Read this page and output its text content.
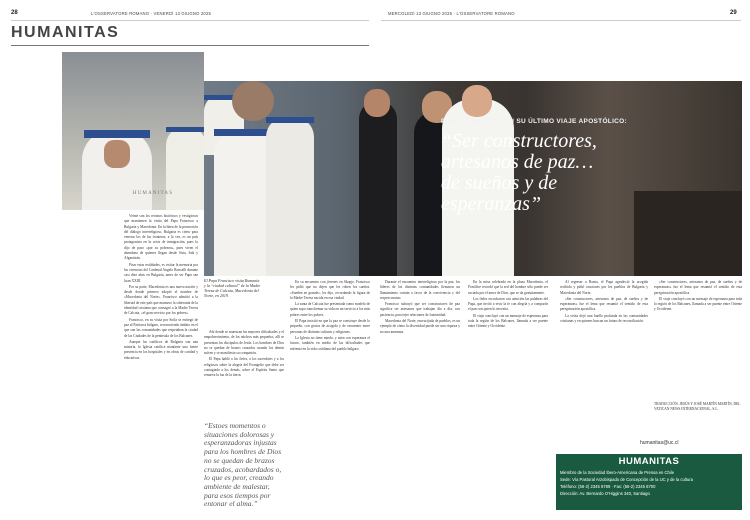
28	L'OSSERVATORE ROMANO · VENERDÌ 13 GIUGNO 2025	MERCOLEDÌ 13 GIUGNO 2025 · L'OSSERVATORE ROMANO	29
HUMANITAS
HUMANITAS
PAPA FRANCESCO IN SU ÚLTIMO VIAJE APOSTÓLICO:
“Ser constructores,
artesanos de paz…
de sueños y de
esperanzas”
El Papa Francisco visita Rumanía y la “ciudad cultural” de la Madre Teresa de Calcuta, Macedonia del Norte, en 2019.
“Estoes momentos o situaciones dolorosas y esperanzadoras injustas para los hombres de Dios no se quedan de brazos cruzados, acobardados o, lo que es peor, creando ambiente de malestar, para esos tiempos por entonar el alma.”

Veinte son los recintos históricos y vestigiosos que mantienen la visita del Papa Francisco a Bulgaria y Macedonia. En la línea de la promoción del diálogo interreligioso, Bulgaria es cierto para venerar los de las fronteras, a la vez, es un país protagonista en la crisis de inmigración, pues lo dijo de paso «por su pobreza», pues viven el abandono de quienes llegan desde Siria, Irak y Afganistán.

Pisar estas realidades, es visitar la memoria por las vivencias del Cardenal Angelo Roncalli durante casi diez años en Bulgaria, antes de ser Papa san Juan XXIII.

Por su parte, Macedonia es una nueva nación y desde donde primero adoptó el nombre de «Macedonia del Norte». Francisco admitió a la libertad de este país que mantuvo la soberanía de la identidad cristiana que consagró a la Madre Teresa de Calcuta, «el gran servicio por los pobres».

Francisco, en su visita por Sofía se entregó de paz al Patriarca búlgaro, reconociendo ámbito en el que son las comunidades que respetaban la ciudad de las Ciudades de la península de los Balcanes.

Aunque los católicos de Bulgaria son una minoría, la Iglesia católica mantiene una fuerte presencia en los hospitales y en obras de caridad y educativas.

Ahí donde se muestran las mayores dificultades y el empobrecimiento, de los núcleos más pequeños, allí se presentan los discípulos de Jesús. Los hombres de Dios no se quedan de brazos cruzados cuando los demás sufren y se manifiesta su compasión.

El Papa habló a los fieles, a los sacerdotes y a los religiosos sobre la alegría del Evangelio que debe ser contagiada a los demás, sobre el Espíritu Santo que renueva la faz de la tierra.

En su encuentro con jóvenes en Skopje, Francisco les pidió que no dejen que les roben los sueños. «Sueñen en grande», les dijo, recordando la figura de la Madre Teresa nacida en esa ciudad.

La santa de Calcuta fue presentada como modelo de quien supo transformar su vida en un servicio a los más pobres entre los pobres.

El Papa insistió en que la paz se construye desde lo pequeño, con gestos de acogida y de encuentro entre personas de distintas culturas y religiones.

La Iglesia no tiene miedo, y mira con esperanza el futuro, también en medio de las dificultades que enfrenta en la vida cotidiana del pueblo búlgaro.

Durante el encuentro interreligioso por la paz, los líderes de las distintas comunidades firmaron un llamamiento común a favor de la convivencia y del respeto mutuo.

Francisco subrayó que ser constructores de paz significa ser artesanos que trabajan día a día, con paciencia, para tejer relaciones de fraternidad.

Macedonia del Norte, encrucijada de pueblos, es un ejemplo de cómo la diversidad puede ser una riqueza y no una amenaza.

En la misa celebrada en la plaza Macedonia, el Pontífice recordó que la sed del hombre sólo puede ser saciada por el amor de Dios, que se da gratuitamente.

Los fieles escucharon con atención las palabras del Papa, que invitó a vivir la fe con alegría y a compartir el pan con quien lo necesita.

El viaje concluyó con un mensaje de esperanza para toda la región de los Balcanes, llamada a ser puente entre Oriente y Occidente.

Al regresar a Roma, el Papa agradeció la acogida recibida y pidió oraciones por los pueblos de Bulgaria y Macedonia del Norte.

«Ser constructores, artesanos de paz, de sueños y de esperanzas» fue el lema que resumió el sentido de esta peregrinación apostólica.

La visita dejó una huella profunda en las comunidades cristianas y en quienes buscan un futuro de reconciliación.

«Ser constructores, artesanos de paz, de sueños y de esperanzas» fue el lema que resumió el sentido de esta peregrinación apostólica.

El viaje concluyó con un mensaje de esperanza para toda la región de los Balcanes, llamada a ser puente entre Oriente y Occidente.

TRADUCCIÓN: JESÚS Y JOSÉ MARTÍN MARTÍN, DEL VATICAN NEWS INTERNACIONAL, S.L.
humanitas@uc.cl
HUMANITAS
Miembro de la Sociedad Ibero-Americana de Prensa en Chile
Sede: Vía Pastoral Arzobispado de Concepción de la UC y de la cultura
Teléfono: (56-2) 2345 6789 · Fax: (56-2) 2345 6700
Dirección: Av. Bernardo O'Higgins 340, Santiago
